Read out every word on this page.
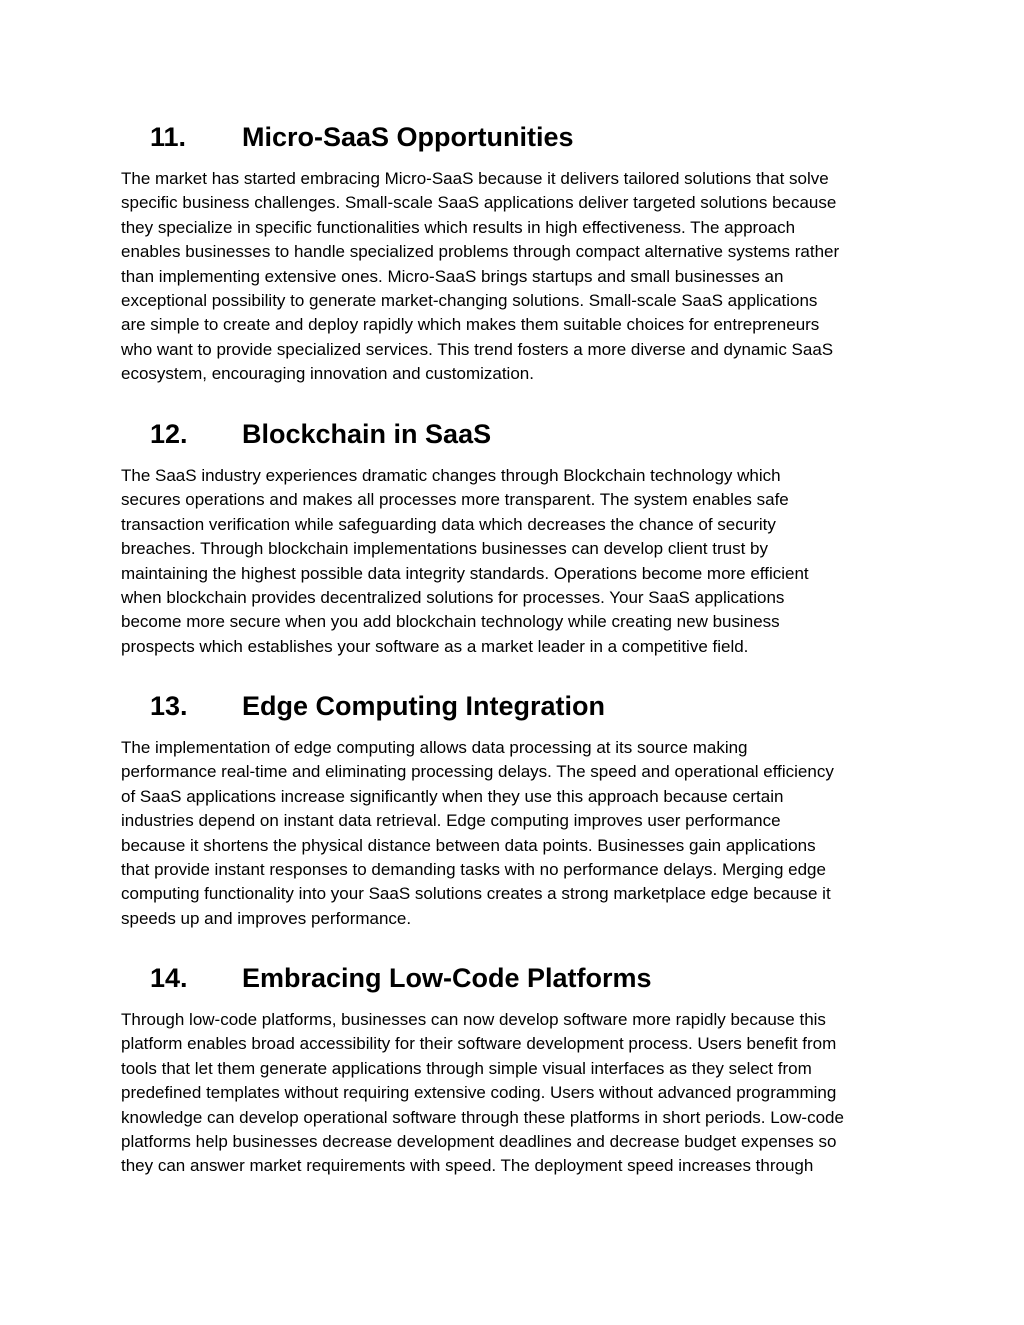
11. Micro-SaaS Opportunities
The market has started embracing Micro-SaaS because it delivers tailored solutions that solve
specific business challenges. Small-scale SaaS applications deliver targeted solutions because
they specialize in specific functionalities which results in high effectiveness. The approach
enables businesses to handle specialized problems through compact alternative systems rather
than implementing extensive ones. Micro-SaaS brings startups and small businesses an
exceptional possibility to generate market-changing solutions. Small-scale SaaS applications
are simple to create and deploy rapidly which makes them suitable choices for entrepreneurs
who want to provide specialized services. This trend fosters a more diverse and dynamic SaaS
ecosystem, encouraging innovation and customization.
12. Blockchain in SaaS
The SaaS industry experiences dramatic changes through Blockchain technology which
secures operations and makes all processes more transparent. The system enables safe
transaction verification while safeguarding data which decreases the chance of security
breaches. Through blockchain implementations businesses can develop client trust by
maintaining the highest possible data integrity standards. Operations become more efficient
when blockchain provides decentralized solutions for processes. Your SaaS applications
become more secure when you add blockchain technology while creating new business
prospects which establishes your software as a market leader in a competitive field.
13. Edge Computing Integration
The implementation of edge computing allows data processing at its source making
performance real-time and eliminating processing delays. The speed and operational efficiency
of SaaS applications increase significantly when they use this approach because certain
industries depend on instant data retrieval. Edge computing improves user performance
because it shortens the physical distance between data points. Businesses gain applications
that provide instant responses to demanding tasks with no performance delays. Merging edge
computing functionality into your SaaS solutions creates a strong marketplace edge because it
speeds up and improves performance.
14. Embracing Low-Code Platforms
Through low-code platforms, businesses can now develop software more rapidly because this
platform enables broad accessibility for their software development process. Users benefit from
tools that let them generate applications through simple visual interfaces as they select from
predefined templates without requiring extensive coding. Users without advanced programming
knowledge can develop operational software through these platforms in short periods. Low-code
platforms help businesses decrease development deadlines and decrease budget expenses so
they can answer market requirements with speed. The deployment speed increases through
